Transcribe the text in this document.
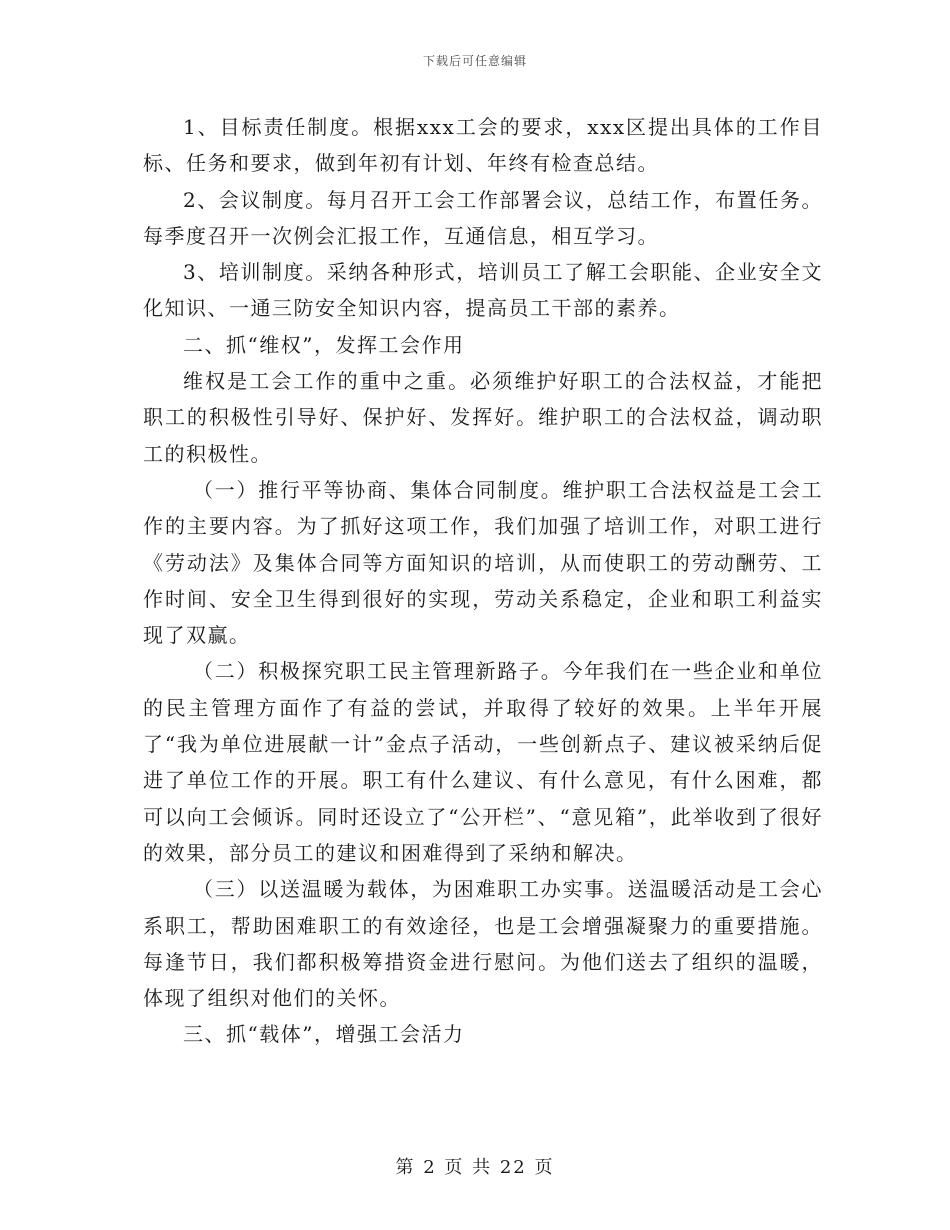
下载后可任意编辑

1、目标责任制度。根据xxx工会的要求，xxx区提出具体的工作目标、任务和要求，做到年初有计划、年终有检查总结。

2、会议制度。每月召开工会工作部署会议，总结工作，布置任务。每季度召开一次例会汇报工作，互通信息，相互学习。

3、培训制度。采纳各种形式，培训员工了解工会职能、企业安全文化知识、一通三防安全知识内容，提高员工干部的素养。

二、抓“维权”，发挥工会作用

维权是工会工作的重中之重。必须维护好职工的合法权益，才能把职工的积极性引导好、保护好、发挥好。维护职工的合法权益，调动职工的积极性。

（一）推行平等协商、集体合同制度。维护职工合法权益是工会工作的主要内容。为了抓好这项工作，我们加强了培训工作，对职工进行《劳动法》及集体合同等方面知识的培训，从而使职工的劳动酬劳、工作时间、安全卫生得到很好的实现，劳动关系稳定，企业和职工利益实现了双赢。

（二）积极探究职工民主管理新路子。今年我们在一些企业和单位的民主管理方面作了有益的尝试，并取得了较好的效果。上半年开展了“我为单位进展献一计”金点子活动，一些创新点子、建议被采纳后促进了单位工作的开展。职工有什么建议、有什么意见，有什么困难，都可以向工会倾诉。同时还设立了“公开栏”、“意见箱”，此举收到了很好的效果，部分员工的建议和困难得到了采纳和解决。

（三）以送温暖为载体，为困难职工办实事。送温暖活动是工会心系职工，帮助困难职工的有效途径，也是工会增强凝聚力的重要措施。每逢节日，我们都积极筹措资金进行慰问。为他们送去了组织的温暖，体现了组织对他们的关怀。

三、抓“载体”，增强工会活力

第 2 页 共 22 页
